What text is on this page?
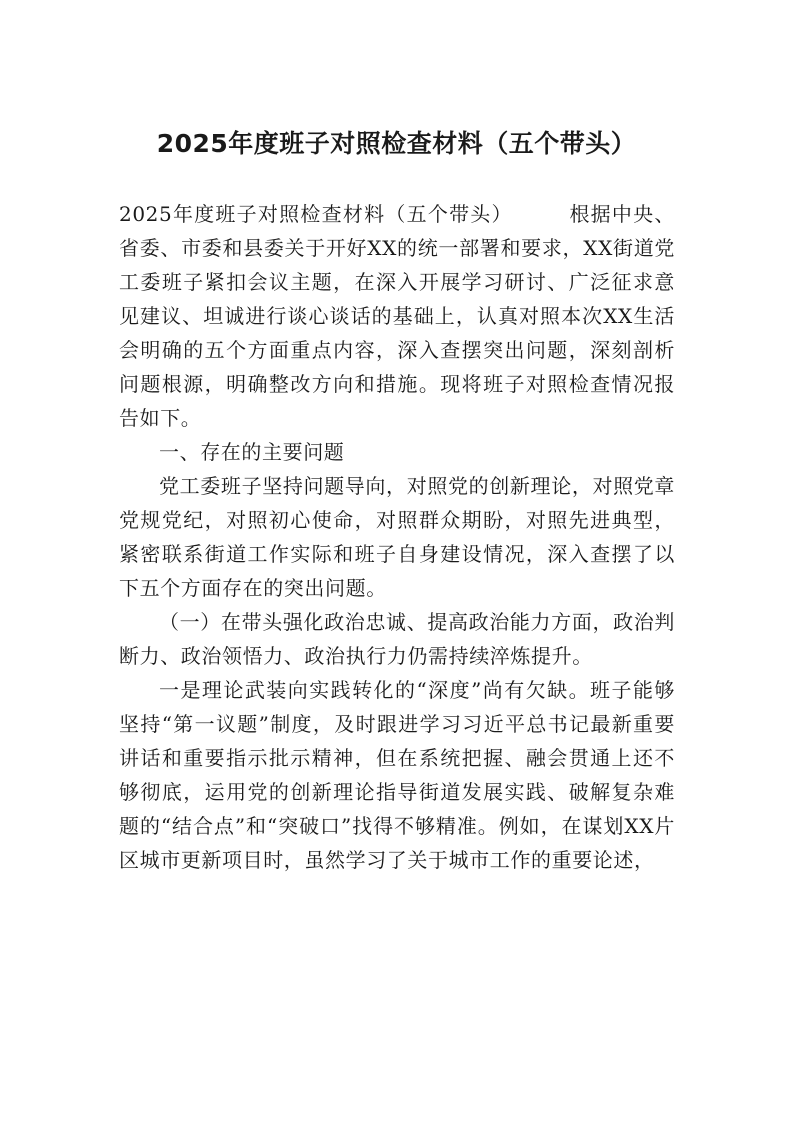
2025年度班子对照检查材料（五个带头）

2025年度班子对照检查材料（五个带头）	根据中央、省委、市委和县委关于开好XX的统一部署和要求，XX街道党工委班子紧扣会议主题，在深入开展学习研讨、广泛征求意见建议、坦诚进行谈心谈话的基础上，认真对照本次XX生活会明确的五个方面重点内容，深入查摆突出问题，深刻剖析问题根源，明确整改方向和措施。现将班子对照检查情况报告如下。

一、存在的主要问题

党工委班子坚持问题导向，对照党的创新理论，对照党章党规党纪，对照初心使命，对照群众期盼，对照先进典型，紧密联系街道工作实际和班子自身建设情况，深入查摆了以下五个方面存在的突出问题。

（一）在带头强化政治忠诚、提高政治能力方面，政治判断力、政治领悟力、政治执行力仍需持续淬炼提升。

一是理论武装向实践转化的“深度”尚有欠缺。班子能够坚持“第一议题”制度，及时跟进学习习近平总书记最新重要讲话和重要指示批示精神，但在系统把握、融会贯通上还不够彻底，运用党的创新理论指导街道发展实践、破解复杂难题的“结合点”和“突破口”找得不够精准。例如，在谋划XX片区城市更新项目时，虽然学习了关于城市工作的重要论述，
